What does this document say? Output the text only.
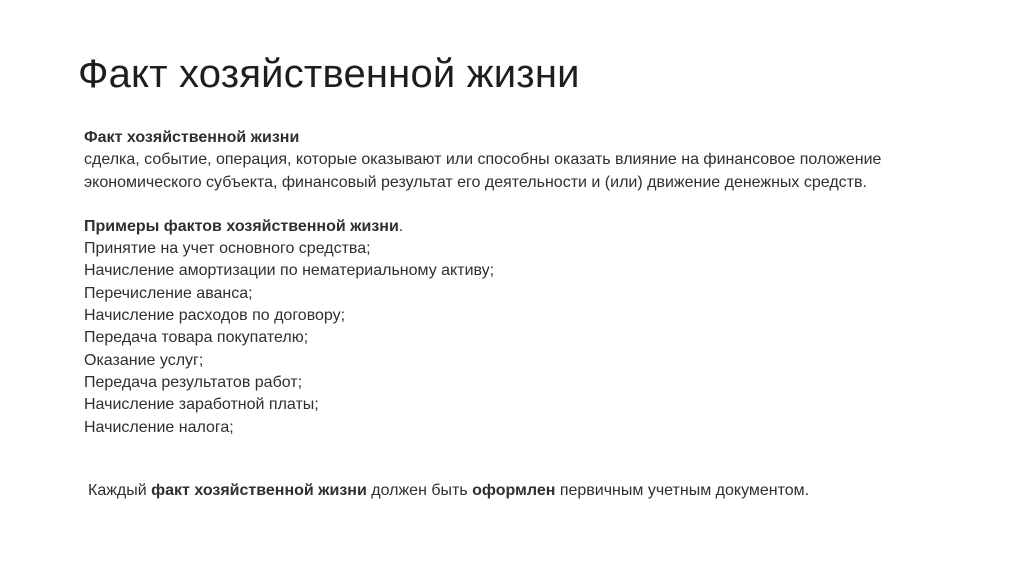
Факт хозяйственной жизни

Факт хозяйственной жизни

сделка, событие, операция, которые оказывают или способны оказать влияние на финансовое положение

экономического субъекта, финансовый результат его деятельности и (или) движение денежных средств.

Примеры фактов хозяйственной жизни.

Принятие на учет основного средства;
Начисление амортизации по нематериальному активу;
Перечисление аванса;
Начисление расходов по договору;
Передача товара покупателю;
Оказание услуг;
Передача результатов работ;
Начисление заработной платы;
Начисление налога;

Каждый факт хозяйственной жизни должен быть оформлен первичным учетным документом.
